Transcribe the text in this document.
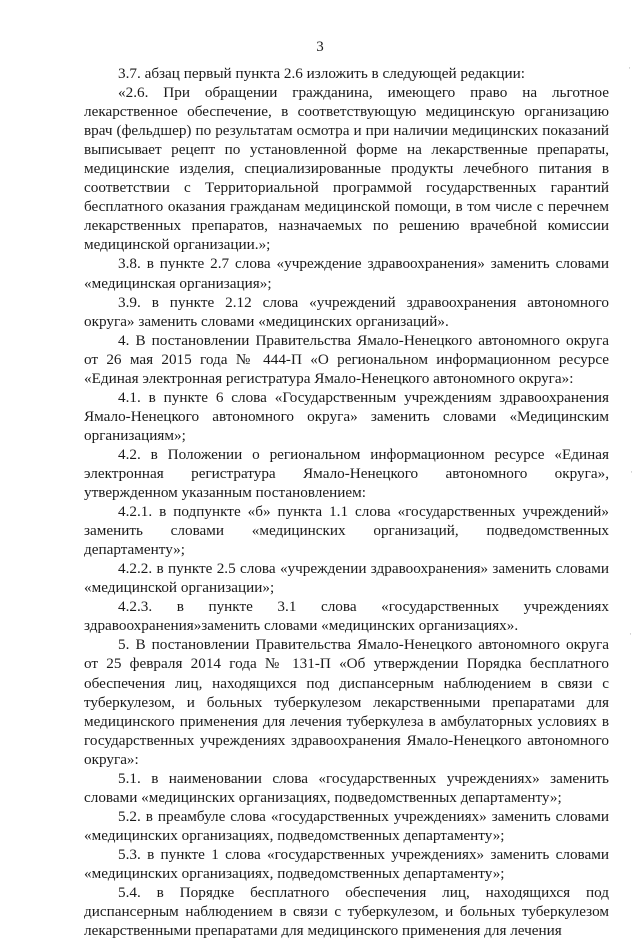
3

3.7. абзац первый пункта 2.6 изложить в следующей редакции:

«2.6. При обращении гражданина, имеющего право на льготное лекарственное обеспечение, в соответствующую медицинскую организацию врач (фельдшер) по результатам осмотра и при наличии медицинских показаний выписывает рецепт по установленной форме на лекарственные препараты, медицинские изделия, специализированные продукты лечебного питания в соответствии с Территориальной программой государственных гарантий бесплатного оказания гражданам медицинской помощи, в том числе с перечнем лекарственных препаратов, назначаемых по решению врачебной комиссии медицинской организации.»;

3.8. в пункте 2.7 слова «учреждение здравоохранения» заменить словами «медицинская организация»;

3.9. в пункте 2.12 слова «учреждений здравоохранения автономного округа» заменить словами «медицинских организаций».

4. В постановлении Правительства Ямало-Ненецкого автономного округа от 26 мая 2015 года № 444-П «О региональном информационном ресурсе «Единая электронная регистратура Ямало-Ненецкого автономного округа»:

4.1. в пункте 6 слова «Государственным учреждениям здравоохранения Ямало-Ненецкого автономного округа» заменить словами «Медицинским организациям»;

4.2. в Положении о региональном информационном ресурсе «Единая электронная регистратура Ямало-Ненецкого автономного округа», утвержденном указанным постановлением:

4.2.1. в подпункте «б» пункта 1.1 слова «государственных учреждений» заменить словами «медицинских организаций, подведомственных департаменту»;

4.2.2. в пункте 2.5 слова «учреждении здравоохранения» заменить словами «медицинской организации»;

4.2.3. в пункте 3.1 слова «государственных учреждениях здравоохранения»заменить словами «медицинских организациях».

5. В постановлении Правительства Ямало-Ненецкого автономного округа от 25 февраля 2014 года № 131-П «Об утверждении Порядка бесплатного обеспечения лиц, находящихся под диспансерным наблюдением в связи с туберкулезом, и больных туберкулезом лекарственными препаратами для медицинского применения для лечения туберкулеза в амбулаторных условиях в государственных учреждениях здравоохранения Ямало-Ненецкого автономного округа»:

5.1. в наименовании слова «государственных учреждениях» заменить словами «медицинских организациях, подведомственных департаменту»;

5.2. в преамбуле слова «государственных учреждениях» заменить словами «медицинских организациях, подведомственных департаменту»;

5.3. в пункте 1 слова «государственных учреждениях» заменить словами «медицинских организациях, подведомственных департаменту»;

5.4. в Порядке бесплатного обеспечения лиц, находящихся под диспансерным наблюдением в связи с туберкулезом, и больных туберкулезом лекарственными препаратами для медицинского применения для лечения

·
·
·
